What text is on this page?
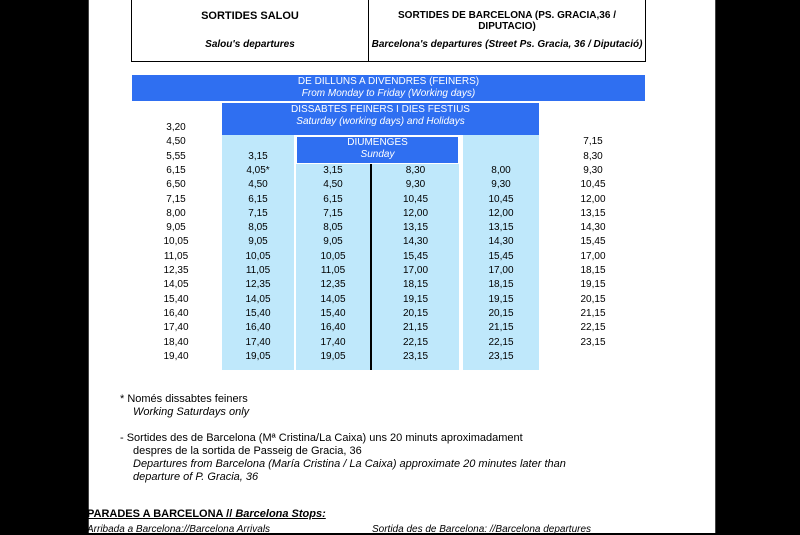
SORTIDES SALOU
Salou's departures
SORTIDES DE BARCELONA (PS. GRACIA,36 / DIPUTACIO)
Barcelona's departures (Street Ps. Gracia, 36 / Diputació)
DE DILLUNS A DIVENDRES (FEINERS)
From Monday to Friday (Working days)
DISSABTES FEINERS I DIES FESTIUS
Saturday (working days) and Holidays
DIUMENGES
Sunday
3,20
4,50
5,55
6,15
6,50
7,15
8,00
9,05
10,05
11,05
12,35
14,05
15,40
16,40
17,40
18,40
19,40
3,15
4,05*
4,50
6,15
7,15
8,05
9,05
10,05
11,05
12,35
14,05
15,40
16,40
17,40
19,05
3,15
4,50
6,15
7,15
8,05
9,05
10,05
11,05
12,35
14,05
15,40
16,40
17,40
19,05
8,30
9,30
10,45
12,00
13,15
14,30
15,45
17,00
18,15
19,15
20,15
21,15
22,15
23,15
8,00
9,30
10,45
12,00
13,15
14,30
15,45
17,00
18,15
19,15
20,15
21,15
22,15
23,15
7,15
8,30
9,30
10,45
12,00
13,15
14,30
15,45
17,00
18,15
19,15
20,15
21,15
22,15
23,15
* Només dissabtes feiners
Working Saturdays only
- Sortides des de Barcelona (Mª Cristina/La Caixa) uns 20 minuts aproximadament
despres de la sortida de Passeig de Gracia, 36
Departures from Barcelona (María Cristina / La Caixa) approximate 20 minutes later than
departure of P. Gracia, 36
PARADES A BARCELONA // Barcelona Stops:
Arribada a Barcelona://Barcelona Arrivals	Sortida des de Barcelona: //Barcelona departures
